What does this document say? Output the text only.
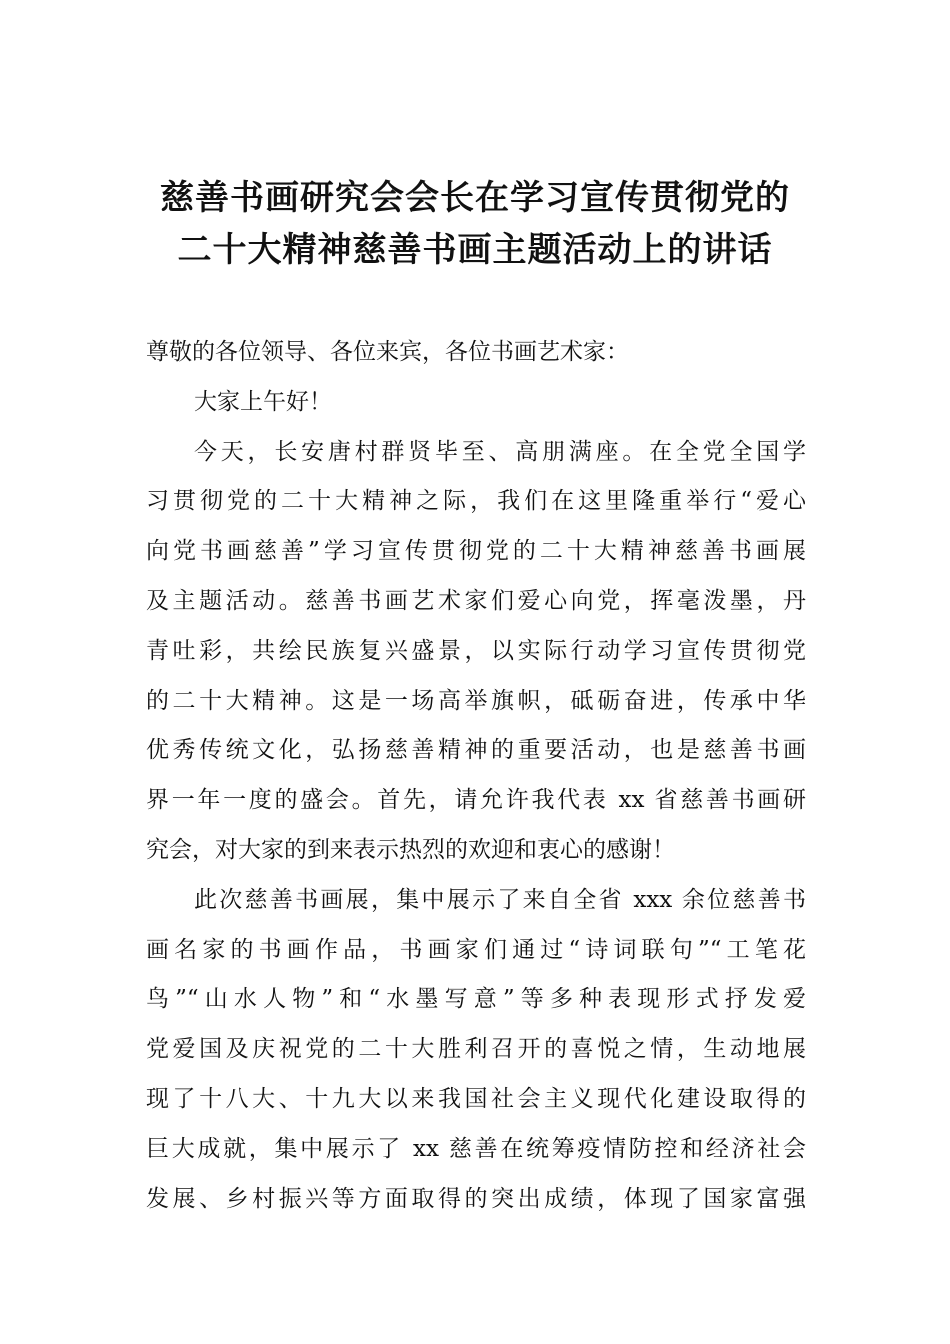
慈善书画研究会会长在学习宣传贯彻党的
二十大精神慈善书画主题活动上的讲话
尊敬的各位领导、各位来宾，各位书画艺术家：
大家上午好！
今天，长安唐村群贤毕至、高朋满座。在全党全国学
习贯彻党的二十大精神之际，我们在这里隆重举行“爱心
向党书画慈善”学习宣传贯彻党的二十大精神慈善书画展
及主题活动。慈善书画艺术家们爱心向党，挥毫泼墨，丹
青吐彩，共绘民族复兴盛景，以实际行动学习宣传贯彻党
的二十大精神。这是一场高举旗帜，砥砺奋进，传承中华
优秀传统文化，弘扬慈善精神的重要活动，也是慈善书画
界一年一度的盛会。首先，请允许我代表 xx 省慈善书画研
究会，对大家的到来表示热烈的欢迎和衷心的感谢！
此次慈善书画展，集中展示了来自全省 xxx 余位慈善书
画名家的书画作品，书画家们通过“诗词联句”“工笔花
鸟”“山水人物”和“水墨写意”等多种表现形式抒发爱
党爱国及庆祝党的二十大胜利召开的喜悦之情，生动地展
现了十八大、十九大以来我国社会主义现代化建设取得的
巨大成就，集中展示了 xx 慈善在统筹疫情防控和经济社会
发展、乡村振兴等方面取得的突出成绩，体现了国家富强
